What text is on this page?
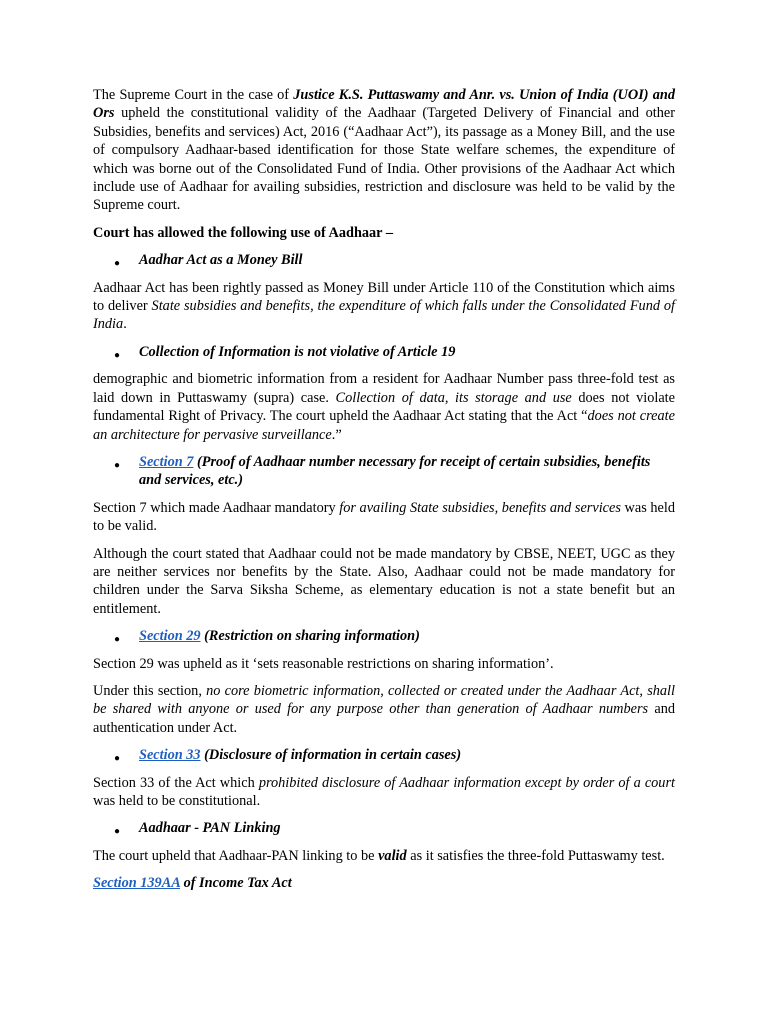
The Supreme Court in the case of Justice K.S. Puttaswamy and Anr. vs. Union of India (UOI) and Ors upheld the constitutional validity of the Aadhaar (Targeted Delivery of Financial and other Subsidies, benefits and services) Act, 2016 (“Aadhaar Act”), its passage as a Money Bill, and the use of compulsory Aadhaar-based identification for those State welfare schemes, the expenditure of which was borne out of the Consolidated Fund of India. Other provisions of the Aadhaar Act which include use of Aadhaar for availing subsidies, restriction and disclosure was held to be valid by the Supreme court.

Court has allowed the following use of Aadhaar –

● Aadhar Act as a Money Bill

Aadhaar Act has been rightly passed as Money Bill under Article 110 of the Constitution which aims to deliver State subsidies and benefits, the expenditure of which falls under the Consolidated Fund of India.

● Collection of Information is not violative of Article 19

demographic and biometric information from a resident for Aadhaar Number pass three-fold test as laid down in Puttaswamy (supra) case. Collection of data, its storage and use does not violate fundamental Right of Privacy. The court upheld the Aadhaar Act stating that the Act “does not create an architecture for pervasive surveillance.”

● Section 7 (Proof of Aadhaar number necessary for receipt of certain subsidies, benefits and services, etc.)

Section 7 which made Aadhaar mandatory for availing State subsidies, benefits and services was held to be valid.

Although the court stated that Aadhaar could not be made mandatory by CBSE, NEET, UGC as they are neither services nor benefits by the State. Also, Aadhaar could not be made mandatory for children under the Sarva Siksha Scheme, as elementary education is not a state benefit but an entitlement.

● Section 29 (Restriction on sharing information)

Section 29 was upheld as it ‘sets reasonable restrictions on sharing information’.

Under this section, no core biometric information, collected or created under the Aadhaar Act, shall be shared with anyone or used for any purpose other than generation of Aadhaar numbers and authentication under Act.

● Section 33 (Disclosure of information in certain cases)

Section 33 of the Act which prohibited disclosure of Aadhaar information except by order of a court was held to be constitutional.

● Aadhaar - PAN Linking

The court upheld that Aadhaar-PAN linking to be valid as it satisfies the three-fold Puttaswamy test.

Section 139AA of Income Tax Act
